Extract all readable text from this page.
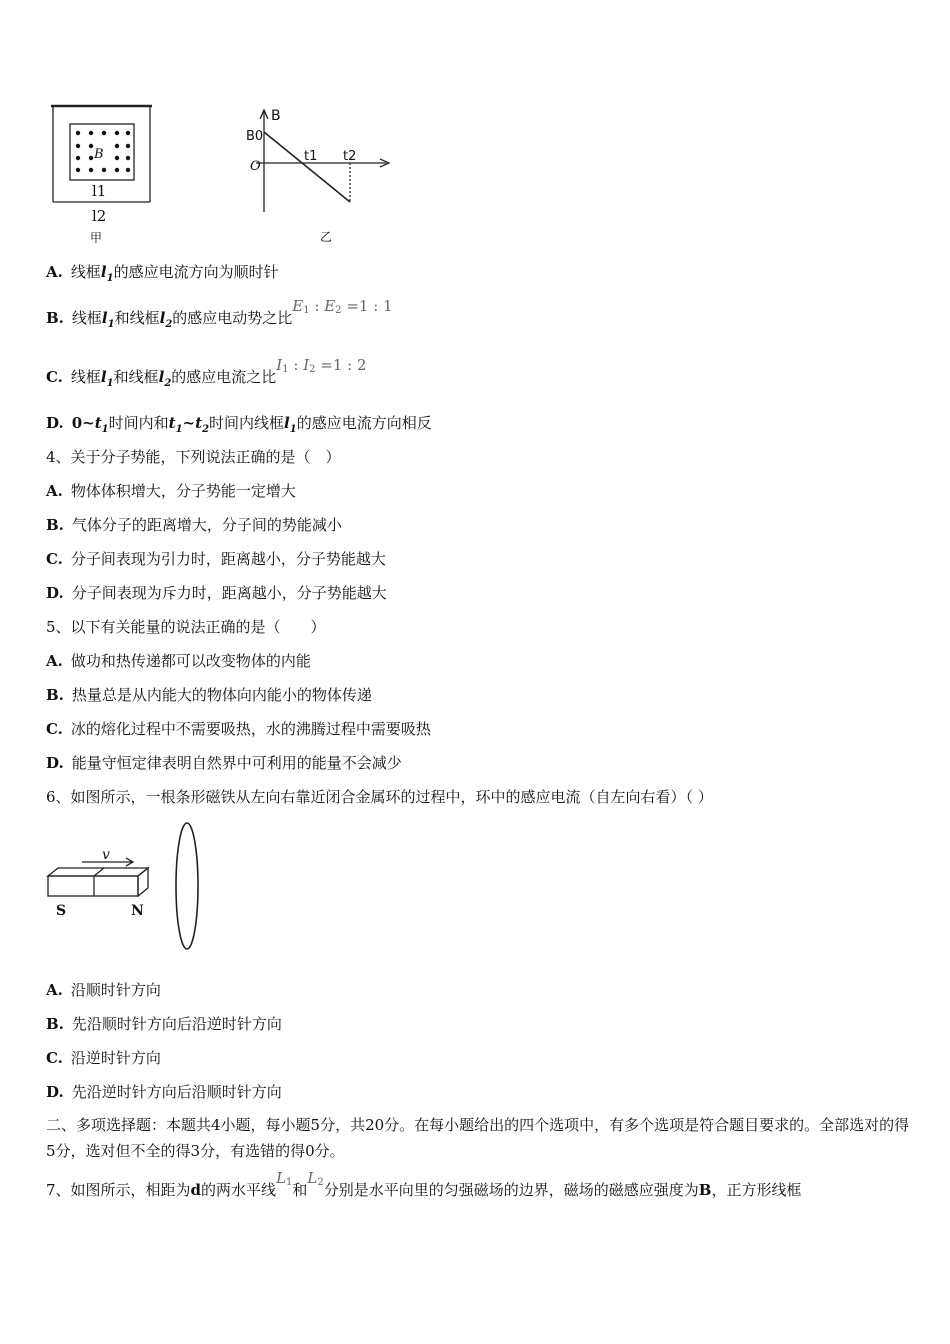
B
l1
l2
甲
B
B0
O
t1 t2
乙
A. 线框$l_1$的感应电流方向为顺时针
B. 线框$l_1$和线框$l_2$的感应电动势之比$E_1$ : $E_2 =1$ : 1
C. 线框$l_1$和线框$l_2$的感应电流之比$I_1$ : $I_2 =1$ : 2
D. $0\sim t_1$时间内和$t_1\sim t_2$时间内线框$l_1$的感应电流方向相反
4、关于分子势能，下列说法正确的是（　）
A. 物体体积增大，分子势能一定增大
B. 气体分子的距离增大，分子间的势能减小
C. 分子间表现为引力时，距离越小，分子势能越大
D. 分子间表现为斥力时，距离越小，分子势能越大
5、以下有关能量的说法正确的是（　　）
A. 做功和热传递都可以改变物体的内能
B. 热量总是从内能大的物体向内能小的物体传递
C. 冰的熔化过程中不需要吸热，水的沸腾过程中需要吸热
D. 能量守恒定律表明自然界中可利用的能量不会减少
6、如图所示，一根条形磁铁从左向右靠近闭合金属环的过程中，环中的感应电流（自左向右看）（ ）
v
S	N
A. 沿顺时针方向
B. 先沿顺时针方向后沿逆时针方向
C. 沿逆时针方向
D. 先沿逆时针方向后沿顺时针方向
二、多项选择题：本题共4小题，每小题5分，共20分。在每小题给出的四个选项中，有多个选项是符合题目要求的。全部选对的得5分，选对但不全的得3分，有选错的得0分。
7、如图所示，相距为d的两水平线$L_1$和$L_2$分别是水平向里的匀强磁场的边界，磁场的磁感应强度为B，正方形线框
